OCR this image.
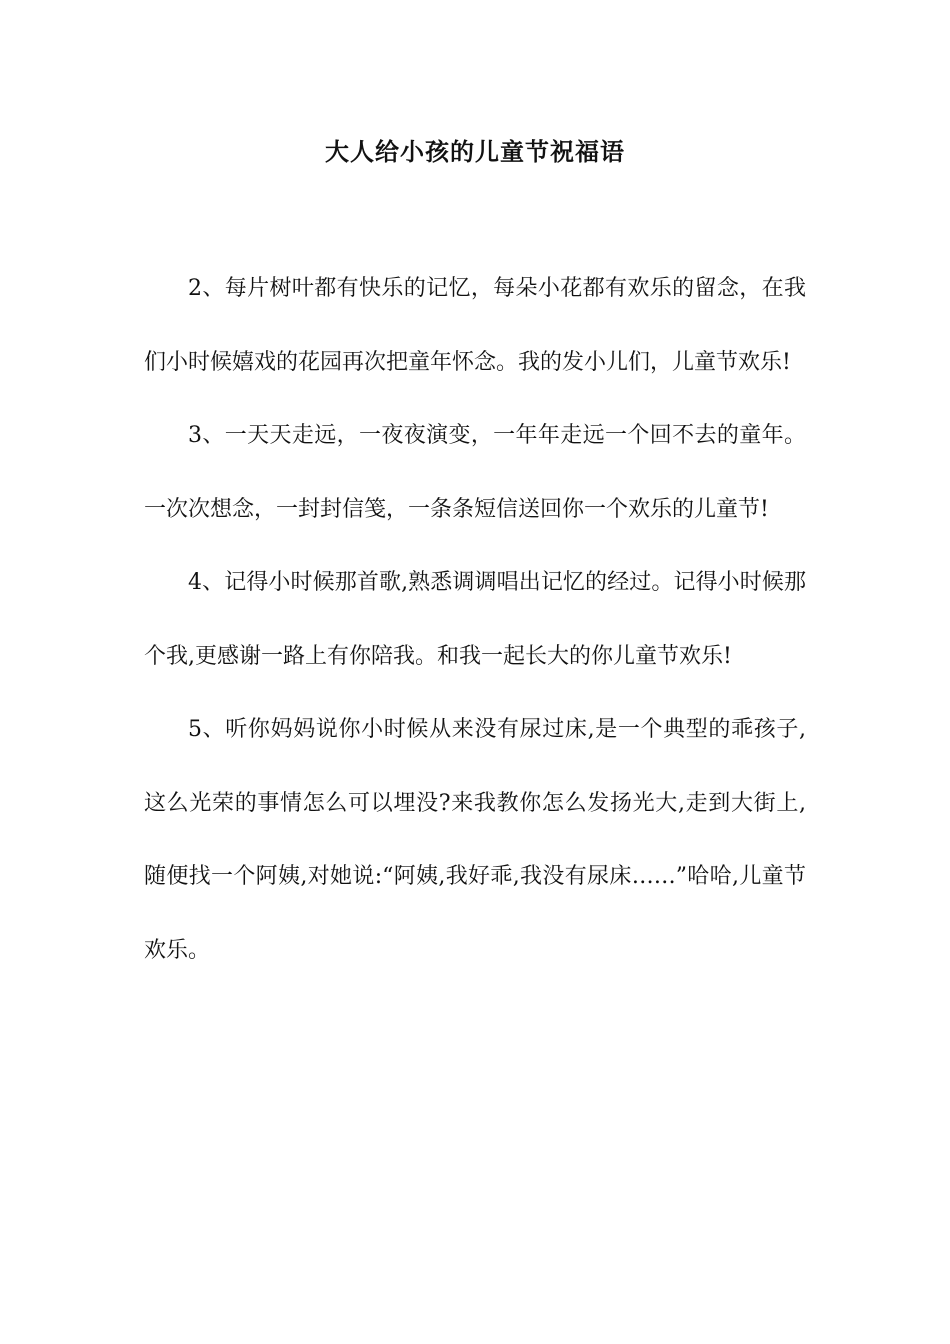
大人给小孩的儿童节祝福语

2、每片树叶都有快乐的记忆，每朵小花都有欢乐的留念，在我们小时候嬉戏的花园再次把童年怀念。我的发小儿们，儿童节欢乐!

3、一天天走远，一夜夜演变，一年年走远一个回不去的童年。一次次想念，一封封信笺，一条条短信送回你一个欢乐的儿童节!

4、记得小时候那首歌,熟悉调调唱出记忆的经过。记得小时候那个我,更感谢一路上有你陪我。和我一起长大的你儿童节欢乐!

5、听你妈妈说你小时候从来没有尿过床,是一个典型的乖孩子,这么光荣的事情怎么可以埋没?来我教你怎么发扬光大,走到大街上,随便找一个阿姨,对她说:“阿姨,我好乖,我没有尿床……”哈哈,儿童节欢乐。
